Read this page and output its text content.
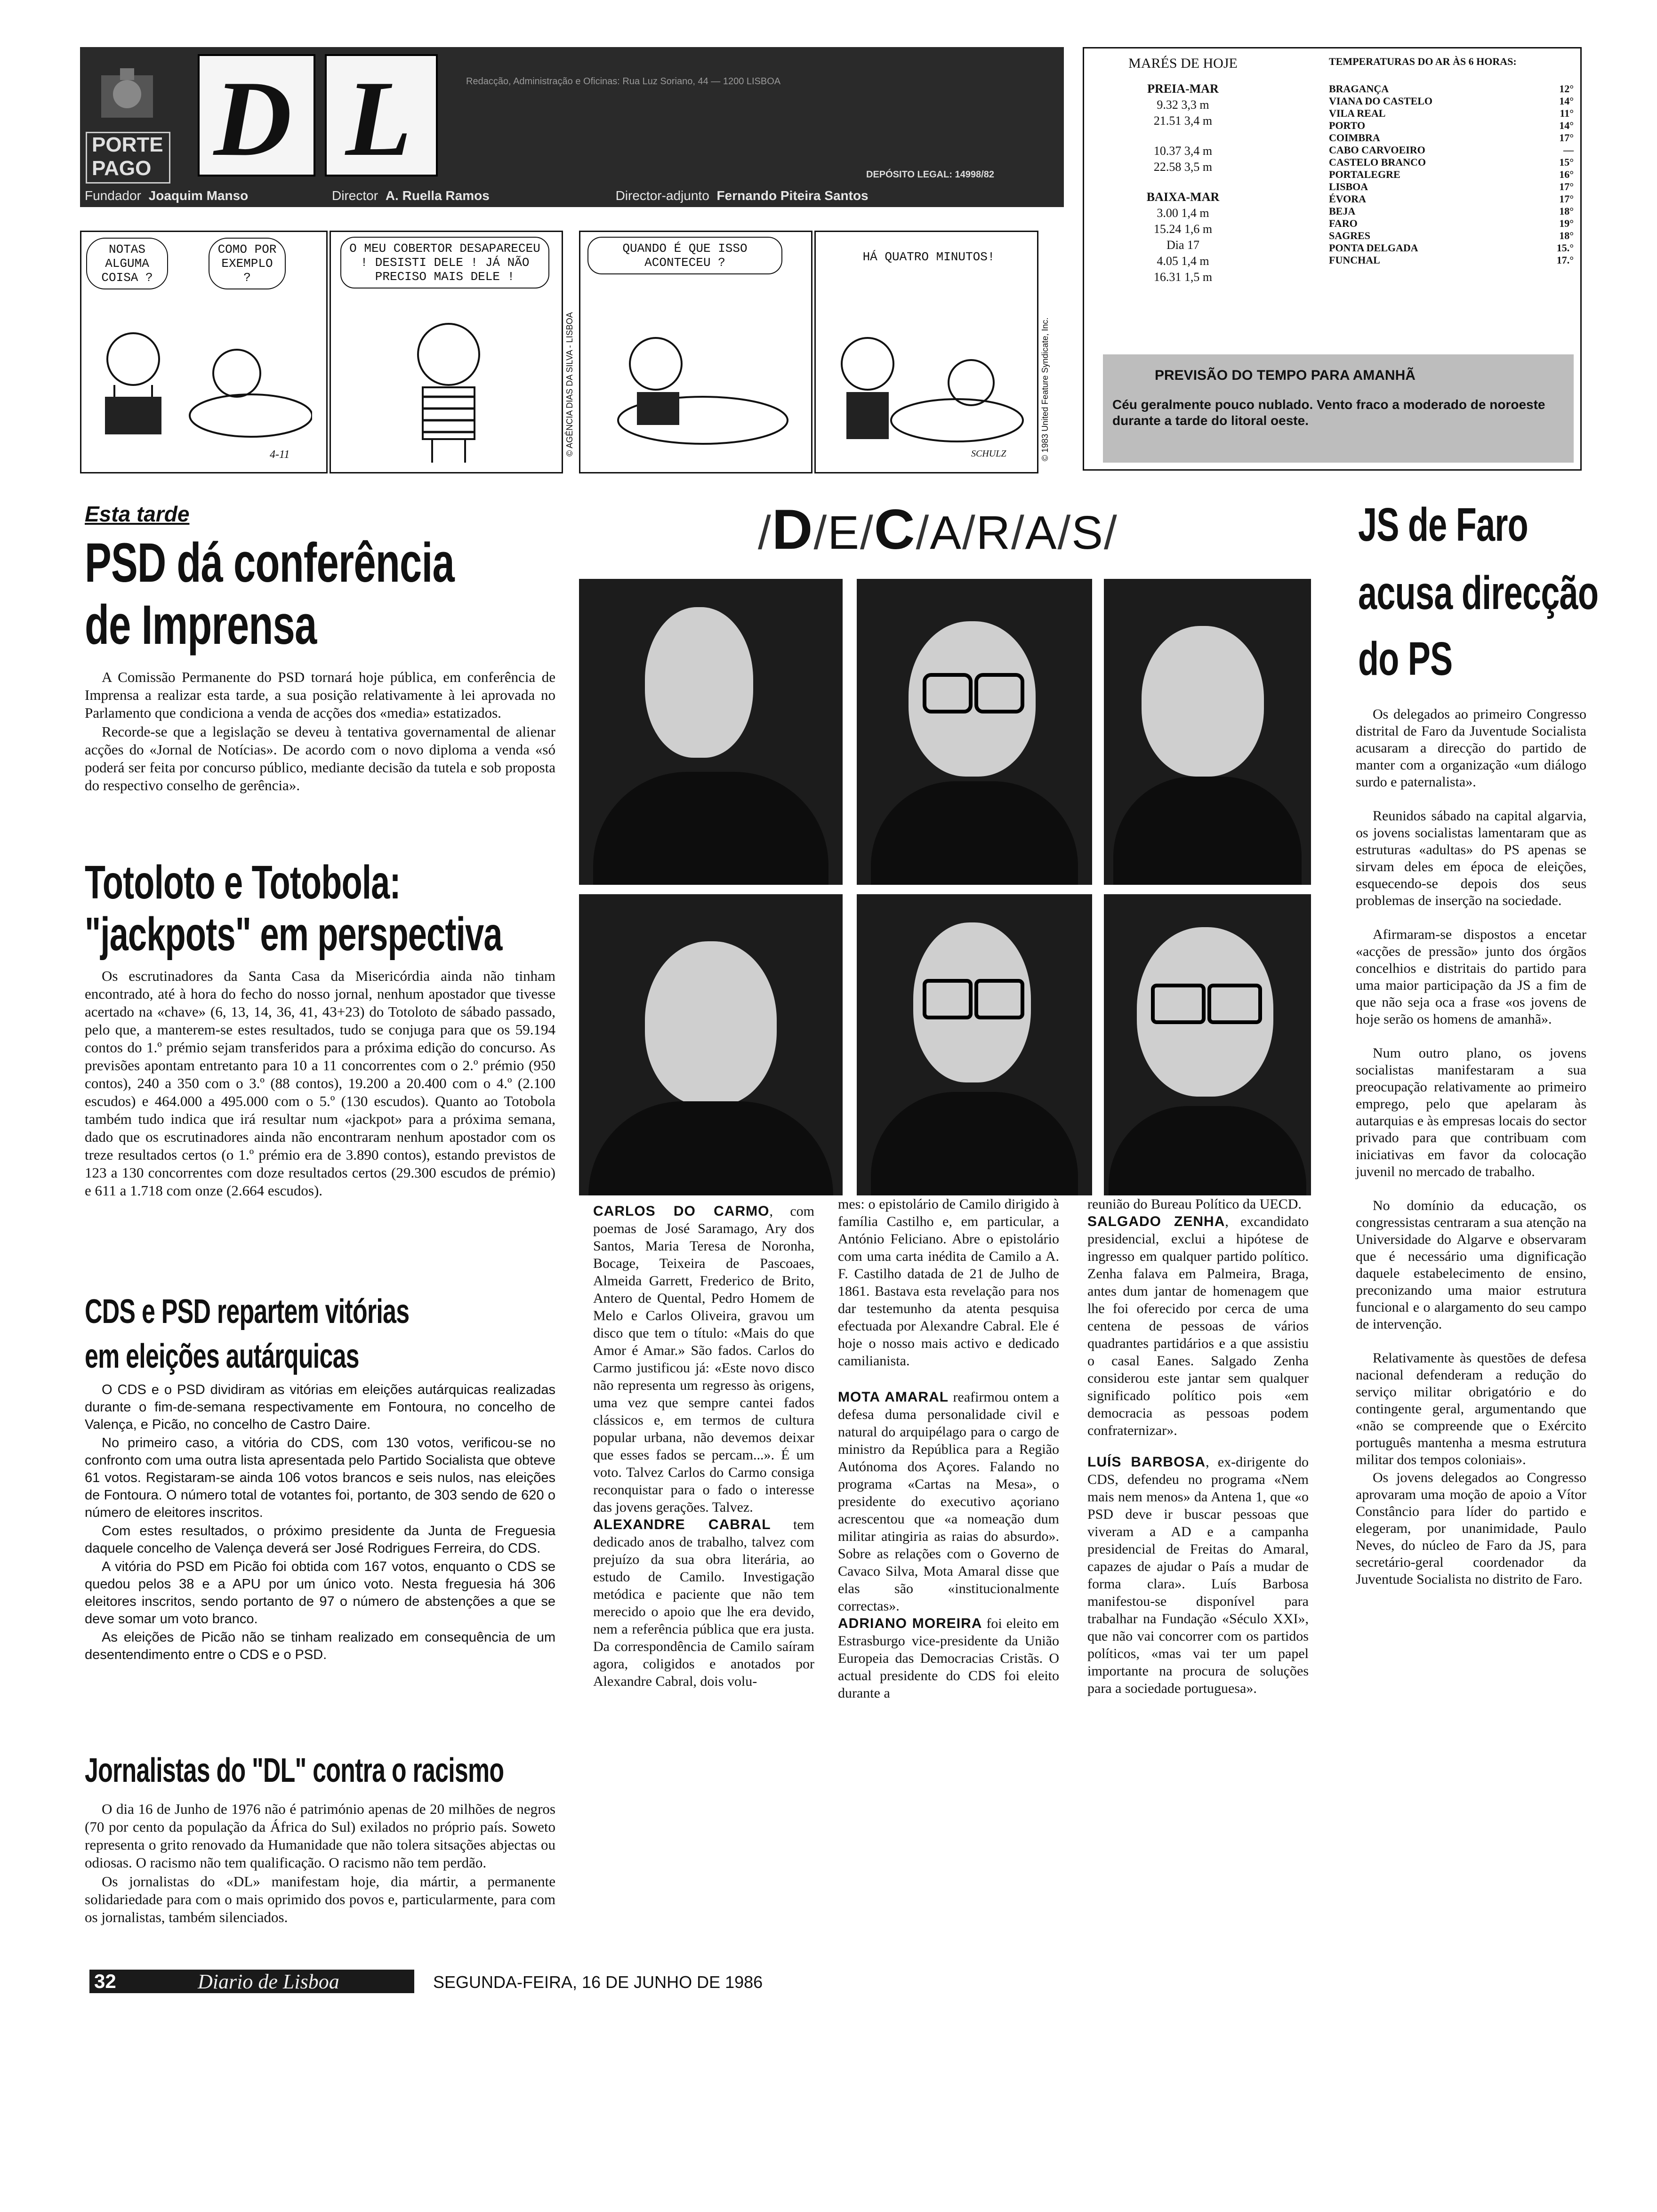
PORTE
PAGO D L	Redacção, Administração e Oficinas: Rua Luz Soriano, 44 — 1200 LISBOA
DEPÓSITO LEGAL: 14998/82
Fundador Joaquim Manso	Director A. Ruella Ramos	Director-adjunto Fernando Piteira Santos
NOTAS ALGUMA COISA ?
COMO POR EXEMPLO ?
4-11
O MEU COBERTOR DESAPARECEU ! DESISTI DELE ! JÁ NÃO PRECISO MAIS DELE !
© AGÊNCIA DIAS DA SILVA - LISBOA
QUANDO É QUE ISSO ACONTECEU ?	HÁ QUATRO MINUTOS!
SCHULZ	© 1983 United Feature Syndicate, Inc.
MARÉS DE HOJE
PREIA-MAR
9.32 3,3 m
21.51 3,4 m
10.37 3,4 m
22.58 3,5 m
BAIXA-MAR
3.00 1,4 m
15.24 1,6 m
Dia 17
4.05 1,4 m
16.31 1,5 m
TEMPERATURAS DO AR ÀS 6 HORAS:
BRAGANÇA	12°
VIANA DO CASTELO	14°
VILA REAL	11°
PORTO	14°
COIMBRA	17°
CABO CARVOEIRO	—
CASTELO BRANCO	15°
PORTALEGRE	16°
LISBOA	17°
ÉVORA	17°
BEJA	18°
FARO	19°
SAGRES	18°
PONTA DELGADA	15.°
FUNCHAL	17.°
PREVISÃO DO TEMPO PARA AMANHÃ
Céu geralmente pouco nublado. Vento fraco a moderado de noroeste durante a tarde do litoral oeste.
Esta tarde
PSD dá conferência de Imprensa

A Comissão Permanente do PSD tornará hoje pública, em conferência de Imprensa a realizar esta tarde, a sua posição relativamente à lei aprovada no Parlamento que condiciona a venda de acções dos «media» estatizados.

Recorde-se que a legislação se deveu à tentativa governamental de alienar acções do «Jornal de Notícias». De acordo com o novo diploma a venda «só poderá ser feita por concurso público, mediante decisão da tutela e sob proposta do respectivo conselho de gerência».

Totoloto e Totobola:
"jackpots" em perspectiva

Os escrutinadores da Santa Casa da Misericórdia ainda não tinham encontrado, até à hora do fecho do nosso jornal, nenhum apostador que tivesse acertado na «chave» (6, 13, 14, 36, 41, 43+23) do Totoloto de sábado passado, pelo que, a manterem-se estes resultados, tudo se conjuga para que os 59.194 contos do 1.º prémio sejam transferidos para a próxima edição do concurso. As previsões apontam entretanto para 10 a 11 concorrentes com o 2.º prémio (950 contos), 240 a 350 com o 3.º (88 contos), 19.200 a 20.400 com o 4.º (2.100 escudos) e 464.000 a 495.000 com o 5.º (130 escudos). Quanto ao Totobola também tudo indica que irá resultar num «jackpot» para a próxima semana, dado que os escrutinadores ainda não encontraram nenhum apostador com os treze resultados certos (o 1.º prémio era de 3.890 contos), estando previstos de 123 a 130 concorrentes com doze resultados certos (29.300 escudos de prémio) e 611 a 1.718 com onze (2.664 escudos).

CDS e PSD repartem vitórias
em eleições autárquicas

O CDS e o PSD dividiram as vitórias em eleições autárquicas realizadas durante o fim-de-semana respectivamente em Fontoura, no concelho de Valença, e Picão, no concelho de Castro Daire.

No primeiro caso, a vitória do CDS, com 130 votos, verificou-se no confronto com uma outra lista apresentada pelo Partido Socialista que obteve 61 votos. Registaram-se ainda 106 votos brancos e seis nulos, nas eleições de Fontoura. O número total de votantes foi, portanto, de 303 sendo de 620 o número de eleitores inscritos.

Com estes resultados, o próximo presidente da Junta de Freguesia daquele concelho de Valença deverá ser José Rodrigues Ferreira, do CDS.

A vitória do PSD em Picão foi obtida com 167 votos, enquanto o CDS se quedou pelos 38 e a APU por um único voto. Nesta freguesia há 306 eleitores inscritos, sendo portanto de 97 o número de abstenções a que se deve somar um voto branco.

As eleições de Picão não se tinham realizado em consequência de um desentendimento entre o CDS e o PSD.

Jornalistas do "DL" contra o racismo

O dia 16 de Junho de 1976 não é património apenas de 20 milhões de negros (70 por cento da população da África do Sul) exilados no próprio país. Soweto representa o grito renovado da Humanidade que não tolera sitsações abjectas ou odiosas. O racismo não tem qualificação. O racismo não tem perdão.

Os jornalistas do «DL» manifestam hoje, dia mártir, a permanente solidariedade para com o mais oprimido dos povos e, particularmente, para com os jornalistas, também silenciados.

/D/E/C/A/R/A/S/
CARLOS DO CARMO, com poemas de José Saramago, Ary dos Santos, Maria Teresa de Noronha, Bocage, Teixeira de Pascoaes, Almeida Garrett, Frederico de Brito, Antero de Quental, Pedro Homem de Melo e Carlos Oliveira, gravou um disco que tem o título: «Mais do que Amor é Amar.» São fados. Carlos do Carmo justificou já: «Este novo disco não representa um regresso às origens, uma vez que sempre cantei fados clássicos e, em termos de cultura popular urbana, não devemos deixar que esses fados se percam...». É um voto. Talvez Carlos do Carmo consiga reconquistar para o fado o interesse das jovens gerações. Talvez.
ALEXANDRE CABRAL tem dedicado anos de trabalho, talvez com prejuízo da sua obra literária, ao estudo de Camilo. Investigação metódica e paciente que não tem merecido o apoio que lhe era devido, nem a referência pública que era justa. Da correspondência de Camilo saíram agora, coligidos e anotados por Alexandre Cabral, dois volu-
mes: o epistolário de Camilo dirigido à família Castilho e, em particular, a António Feliciano. Abre o epistolário com uma carta inédita de Camilo a A. F. Castilho datada de 21 de Julho de 1861. Bastava esta revelação para nos dar testemunho da atenta pesquisa efectuada por Alexandre Cabral. Ele é hoje o nosso mais activo e dedicado camilianista.
MOTA AMARAL reafirmou ontem a defesa duma personalidade civil e natural do arquipélago para o cargo de ministro da República para a Região Autónoma dos Açores. Falando no programa «Cartas na Mesa», o presidente do executivo açoriano acrescentou que «a nomeação dum militar atingiria as raias do absurdo». Sobre as relações com o Governo de Cavaco Silva, Mota Amaral disse que elas são «institucionalmente correctas».
ADRIANO MOREIRA foi eleito em Estrasburgo vice-presidente da União Europeia das Democracias Cristãs. O actual presidente do CDS foi eleito durante a
reunião do Bureau Político da UECD.
SALGADO ZENHA, excandidato presidencial, exclui a hipótese de ingresso em qualquer partido político. Zenha falava em Palmeira, Braga, antes dum jantar de homenagem que lhe foi oferecido por cerca de uma centena de pessoas de vários quadrantes partidários e a que assistiu o casal Eanes. Salgado Zenha considerou este jantar sem qualquer significado político pois «em democracia as pessoas podem confraternizar».
LUÍS BARBOSA, ex-dirigente do CDS, defendeu no programa «Nem mais nem menos» da Antena 1, que «o PSD deve ir buscar pessoas que viveram a AD e a campanha presidencial de Freitas do Amaral, capazes de ajudar o País a mudar de forma clara». Luís Barbosa manifestou-se disponível para trabalhar na Fundação «Século XXI», que não vai concorrer com os partidos políticos, «mas vai ter um papel importante na procura de soluções para a sociedade portuguesa».
JS de Faro
acusa direcção
do PS

Os delegados ao primeiro Congresso distrital de Faro da Juventude Socialista acusaram a direcção do partido de manter com a organização «um diálogo surdo e paternalista».

Reunidos sábado na capital algarvia, os jovens socialistas lamentaram que as estruturas «adultas» do PS apenas se sirvam deles em época de eleições, esquecendo-se depois dos seus problemas de inserção na sociedade.

Afirmaram-se dispostos a encetar «acções de pressão» junto dos órgãos concelhios e distritais do partido para uma maior participação da JS a fim de que não seja oca a frase «os jovens de hoje serão os homens de amanhã».

Num outro plano, os jovens socialistas manifestaram a sua preocupação relativamente ao primeiro emprego, pelo que apelaram às autarquias e às empresas locais do sector privado para que contribuam com iniciativas em favor da colocação juvenil no mercado de trabalho.

No domínio da educação, os congressistas centraram a sua atenção na Universidade do Algarve e observaram que é necessário uma dignificação daquele estabelecimento de ensino, preconizando uma maior estrutura funcional e o alargamento do seu campo de intervenção.

Relativamente às questões de defesa nacional defenderam a redução do serviço militar obrigatório e do contingente geral, argumentando que «não se compreende que o Exército português mantenha a mesma estrutura militar dos tempos coloniais».

Os jovens delegados ao Congresso aprovaram uma moção de apoio a Vítor Constâncio para líder do partido e elegeram, por unanimidade, Paulo Neves, do núcleo de Faro da JS, para secretário-geral coordenador da Juventude Socialista no distrito de Faro.

32	Diario de Lisboa	SEGUNDA-FEIRA, 16 DE JUNHO DE 1986
